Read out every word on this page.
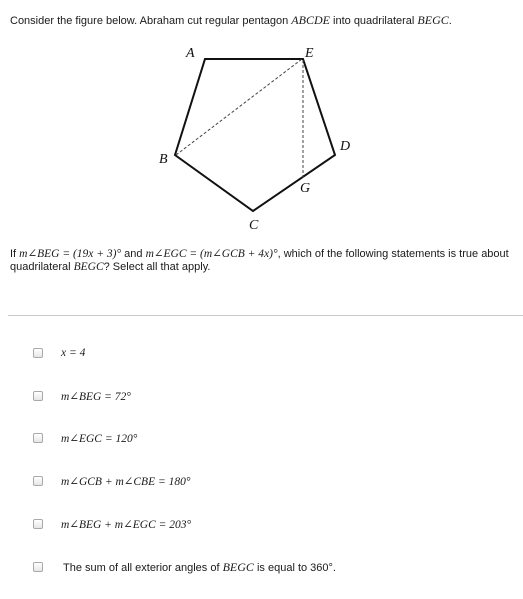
Consider the figure below. Abraham cut regular pentagon ABCDE into quadrilateral BEGC.
A	E
B
D
G
C
If m∠BEG = (19x + 3)° and m∠EGC = (m∠GCB + 4x)°, which of the following statements is true about quadrilateral BEGC? Select all that apply.
x = 4
m∠BEG = 72°
m∠EGC = 120°
m∠GCB + m∠CBE = 180°
m∠BEG + m∠EGC = 203°
The sum of all exterior angles of BEGC is equal to 360°.
